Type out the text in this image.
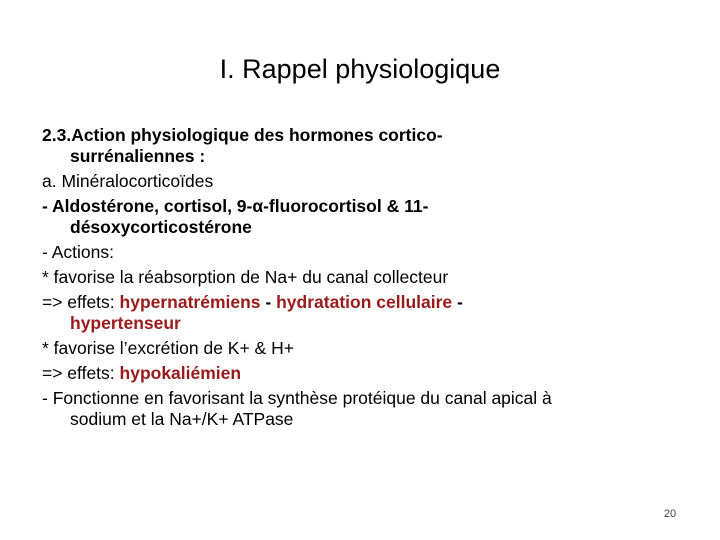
I. Rappel physiologique
2.3.Action physiologique des hormones cortico-
surrénaliennes :
a. Minéralocorticoïdes
- Aldostérone, cortisol, 9-α-fluorocortisol & 11-
désoxycorticostérone
- Actions:
* favorise la réabsorption de Na+ du canal collecteur
=> effets: hypernatrémiens - hydratation cellulaire -
hypertenseur
* favorise l’excrétion de K+ & H+
=> effets: hypokaliémien
- Fonctionne en favorisant la synthèse protéique du canal apical à
sodium et la Na+/K+ ATPase
20
